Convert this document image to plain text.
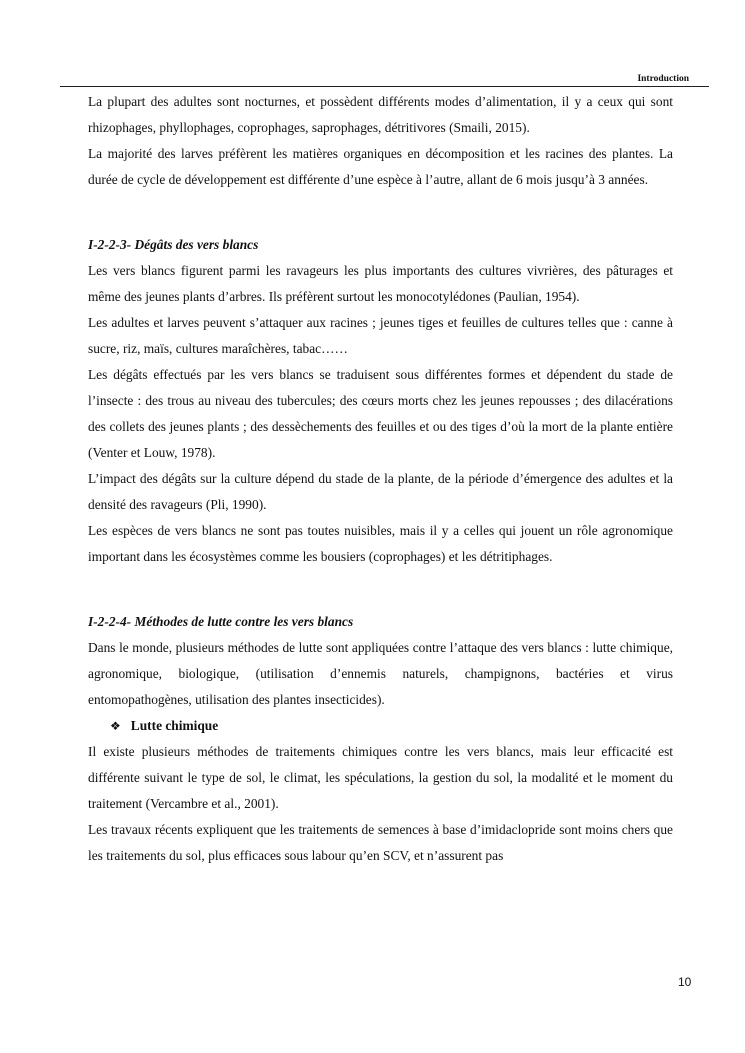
Introduction

La plupart des adultes sont nocturnes, et possèdent différents modes d’alimentation, il y a ceux qui sont rhizophages, phyllophages, coprophages, saprophages, détritivores (Smaili, 2015).

La majorité des larves préfèrent les matières organiques en décomposition et les racines des plantes. La durée de cycle de développement est différente d’une espèce à l’autre, allant de 6 mois jusqu’à 3 années.

I-2-2-3- Dégâts des vers blancs

Les vers blancs figurent parmi les ravageurs les plus importants des cultures vivrières, des pâturages et même des jeunes plants d’arbres. Ils préfèrent surtout les monocotylédones (Paulian, 1954).

Les adultes et larves peuvent s’attaquer aux racines ; jeunes tiges et feuilles de cultures telles que : canne à sucre, riz, maïs, cultures maraîchères, tabac……

Les dégâts effectués par les vers blancs se traduisent sous différentes formes et dépendent du stade de l’insecte : des trous au niveau des tubercules; des cœurs morts chez les jeunes repousses ; des dilacérations des collets des jeunes plants ; des dessèchements des feuilles et ou des tiges d’où la mort de la plante entière (Venter et Louw, 1978).

L’impact des dégâts sur la culture dépend du stade de la plante, de la période d’émergence des adultes et la densité des ravageurs (Pli, 1990).

Les espèces de vers blancs ne sont pas toutes nuisibles, mais il y a celles qui jouent un rôle agronomique important dans les écosystèmes comme les bousiers (coprophages) et les détritiphages.

I-2-2-4- Méthodes de lutte contre les vers blancs

Dans le monde, plusieurs méthodes de lutte sont appliquées contre l’attaque des vers blancs : lutte chimique, agronomique, biologique, (utilisation d’ennemis naturels, champignons, bactéries et virus entomopathogènes, utilisation des plantes insecticides).

❖ Lutte chimique

Il existe plusieurs méthodes de traitements chimiques contre les vers blancs, mais leur efficacité est différente suivant le type de sol, le climat, les spéculations, la gestion du sol, la modalité et le moment du traitement (Vercambre et al., 2001).

Les travaux récents expliquent que les traitements de semences à base d’imidaclopride sont moins chers que les traitements du sol, plus efficaces sous labour qu’en SCV, et n’assurent pas

10
